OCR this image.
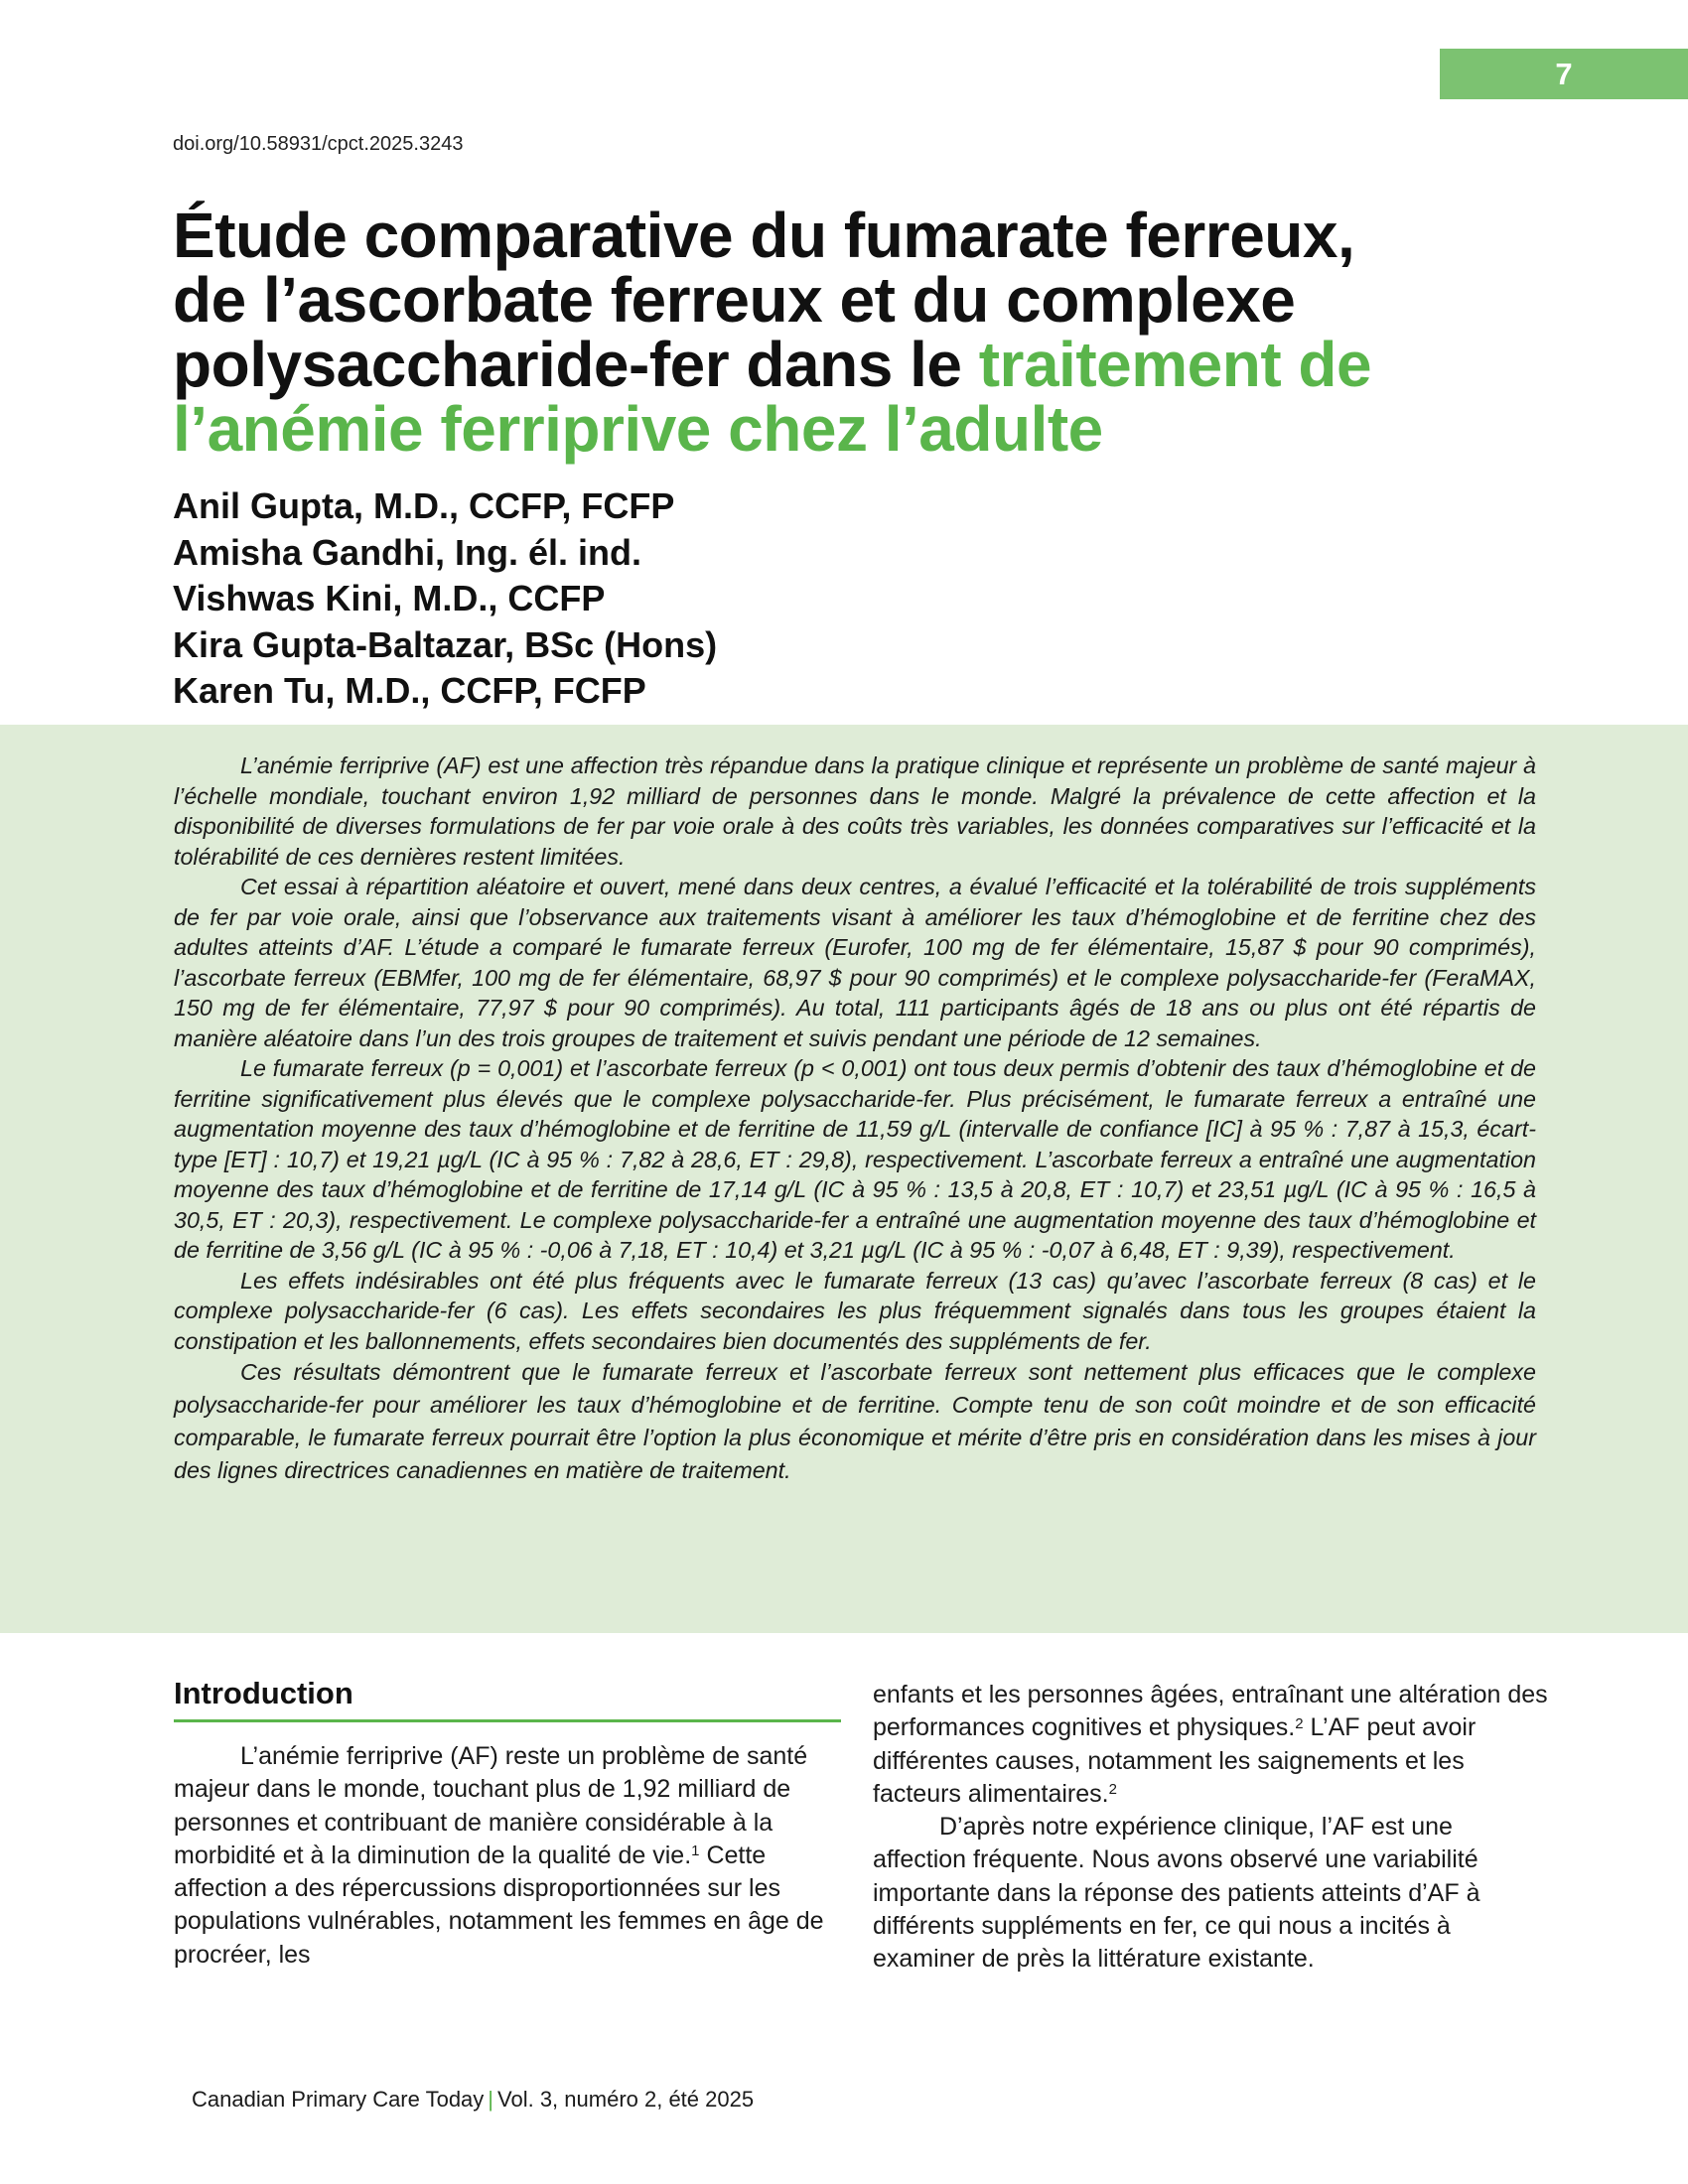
7
doi.org/10.58931/cpct.2025.3243
Étude comparative du fumarate ferreux,
de l’ascorbate ferreux et du complexe
polysaccharide-fer dans le traitement de
l’anémie ferriprive chez l’adulte
Anil Gupta, M.D., CCFP, FCFP
Amisha Gandhi, Ing. él. ind.
Vishwas Kini, M.D., CCFP
Kira Gupta-Baltazar, BSc (Hons)
Karen Tu, M.D., CCFP, FCFP

L’anémie ferriprive (AF) est une affection très répandue dans la pratique clinique et représente un problème de santé majeur à l’échelle mondiale, touchant environ 1,92 milliard de personnes dans le monde. Malgré la prévalence de cette affection et la disponibilité de diverses formulations de fer par voie orale à des coûts très variables, les données comparatives sur l’efficacité et la tolérabilité de ces dernières restent limitées.

Cet essai à répartition aléatoire et ouvert, mené dans deux centres, a évalué l’efficacité et la tolérabilité de trois suppléments de fer par voie orale, ainsi que l’observance aux traitements visant à améliorer les taux d’hémoglobine et de ferritine chez des adultes atteints d’AF. L’étude a comparé le fumarate ferreux (Eurofer, 100 mg de fer élémentaire, 15,87 $ pour 90 comprimés), l’ascorbate ferreux (EBMfer, 100 mg de fer élémentaire, 68,97 $ pour 90 comprimés) et le complexe polysaccharide-fer (FeraMAX, 150 mg de fer élémentaire, 77,97 $ pour 90 comprimés). Au total, 111 participants âgés de 18 ans ou plus ont été répartis de manière aléatoire dans l’un des trois groupes de traitement et suivis pendant une période de 12 semaines.

Le fumarate ferreux (p = 0,001) et l’ascorbate ferreux (p < 0,001) ont tous deux permis d’obtenir des taux d’hémoglobine et de ferritine significativement plus élevés que le complexe polysaccharide-fer. Plus précisément, le fumarate ferreux a entraîné une augmentation moyenne des taux d’hémoglobine et de ferritine de 11,59 g/L (intervalle de confiance [IC] à 95 % : 7,87 à 15,3, écart-type [ET] : 10,7) et 19,21 µg/L (IC à 95 % : 7,82 à 28,6, ET : 29,8), respectivement. L’ascorbate ferreux a entraîné une augmentation moyenne des taux d’hémoglobine et de ferritine de 17,14 g/L (IC à 95 % : 13,5 à 20,8, ET : 10,7) et 23,51 µg/L (IC à 95 % : 16,5 à 30,5, ET : 20,3), respectivement. Le complexe polysaccharide-fer a entraîné une augmentation moyenne des taux d’hémoglobine et de ferritine de 3,56 g/L (IC à 95 % : -0,06 à 7,18, ET : 10,4) et 3,21 µg/L (IC à 95 % : -0,07 à 6,48, ET : 9,39), respectivement.

Les effets indésirables ont été plus fréquents avec le fumarate ferreux (13 cas) qu’avec l’ascorbate ferreux (8 cas) et le complexe polysaccharide-fer (6 cas). Les effets secondaires les plus fréquemment signalés dans tous les groupes étaient la constipation et les ballonnements, effets secondaires bien documentés des suppléments de fer.

Ces résultats démontrent que le fumarate ferreux et l’ascorbate ferreux sont nettement plus efficaces que le complexe polysaccharide-fer pour améliorer les taux d’hémoglobine et de ferritine. Compte tenu de son coût moindre et de son efficacité comparable, le fumarate ferreux pourrait être l’option la plus économique et mérite d’être pris en considération dans les mises à jour des lignes directrices canadiennes en matière de traitement.

Introduction

L’anémie ferriprive (AF) reste un problème de santé majeur dans le monde, touchant plus de 1,92 milliard de personnes et contribuant de manière considérable à la morbidité et à la diminution de la qualité de vie.$^1$ Cette affection a des répercussions disproportionnées sur les populations vulnérables, notamment les femmes en âge de procréer, les

enfants et les personnes âgées, entraînant une altération des performances cognitives et physiques.$^2$ L’AF peut avoir différentes causes, notamment les saignements et les facteurs alimentaires.$^2$

D’après notre expérience clinique, l’AF est une affection fréquente. Nous avons observé une variabilité importante dans la réponse des patients atteints d’AF à différents suppléments en fer, ce qui nous a incités à examiner de près la littérature existante.

Canadian Primary Care Today | Vol. 3, numéro 2, été 2025
